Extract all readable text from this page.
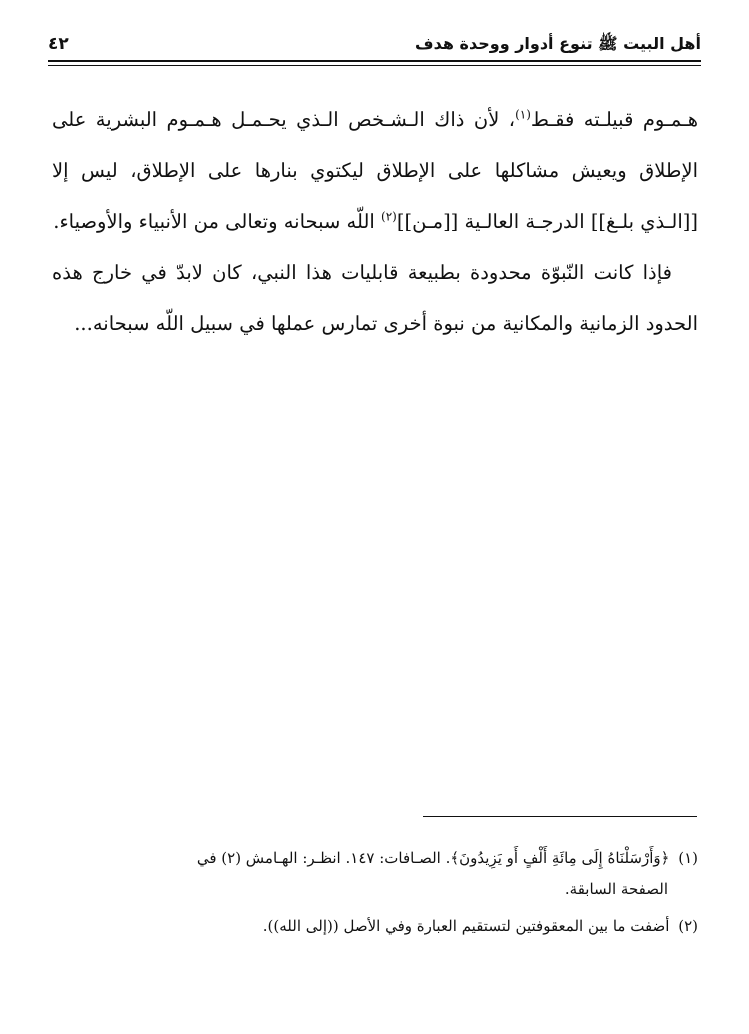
أهل البيت ﷺ تنوع أدوار ووحدة هدف
٤٢

هـمـوم قبيلـته فقـط$^{(١)}$، لأن ذاك الـشـخص الـذي يحـمـل هـمـوم البشرية على الإطلاق ويعيش مشاكلها على الإطلاق ليكتوي بنارها على الإطلاق، ليس إلا [[الـذي بلـغ]] الدرجـة العالـية [[مـن]]$^{(٢)}$ اللّه سبحانه وتعالى من الأنبياء والأوصياء.

فإذا كانت النّبوّة محدودة بطبيعة قابليات هذا النبي، كان لابدّ في خارج هذه الحدود الزمانية والمكانية من نبوة أخرى تمارس عملها في سبيل اللّه سبحانه...

(١) ﴿وَأَرْسَلْنَاهُ إِلَى مِائَةِ أَلْفٍ أَو يَزِيدُونَ﴾. الصـافات: ١٤٧. انظـر: الهـامش (٢) في
الصفحة السابقة.

(٢) أضفت ما بين المعقوفتين لتستقيم العبارة وفي الأصل ((إلى الله)).
